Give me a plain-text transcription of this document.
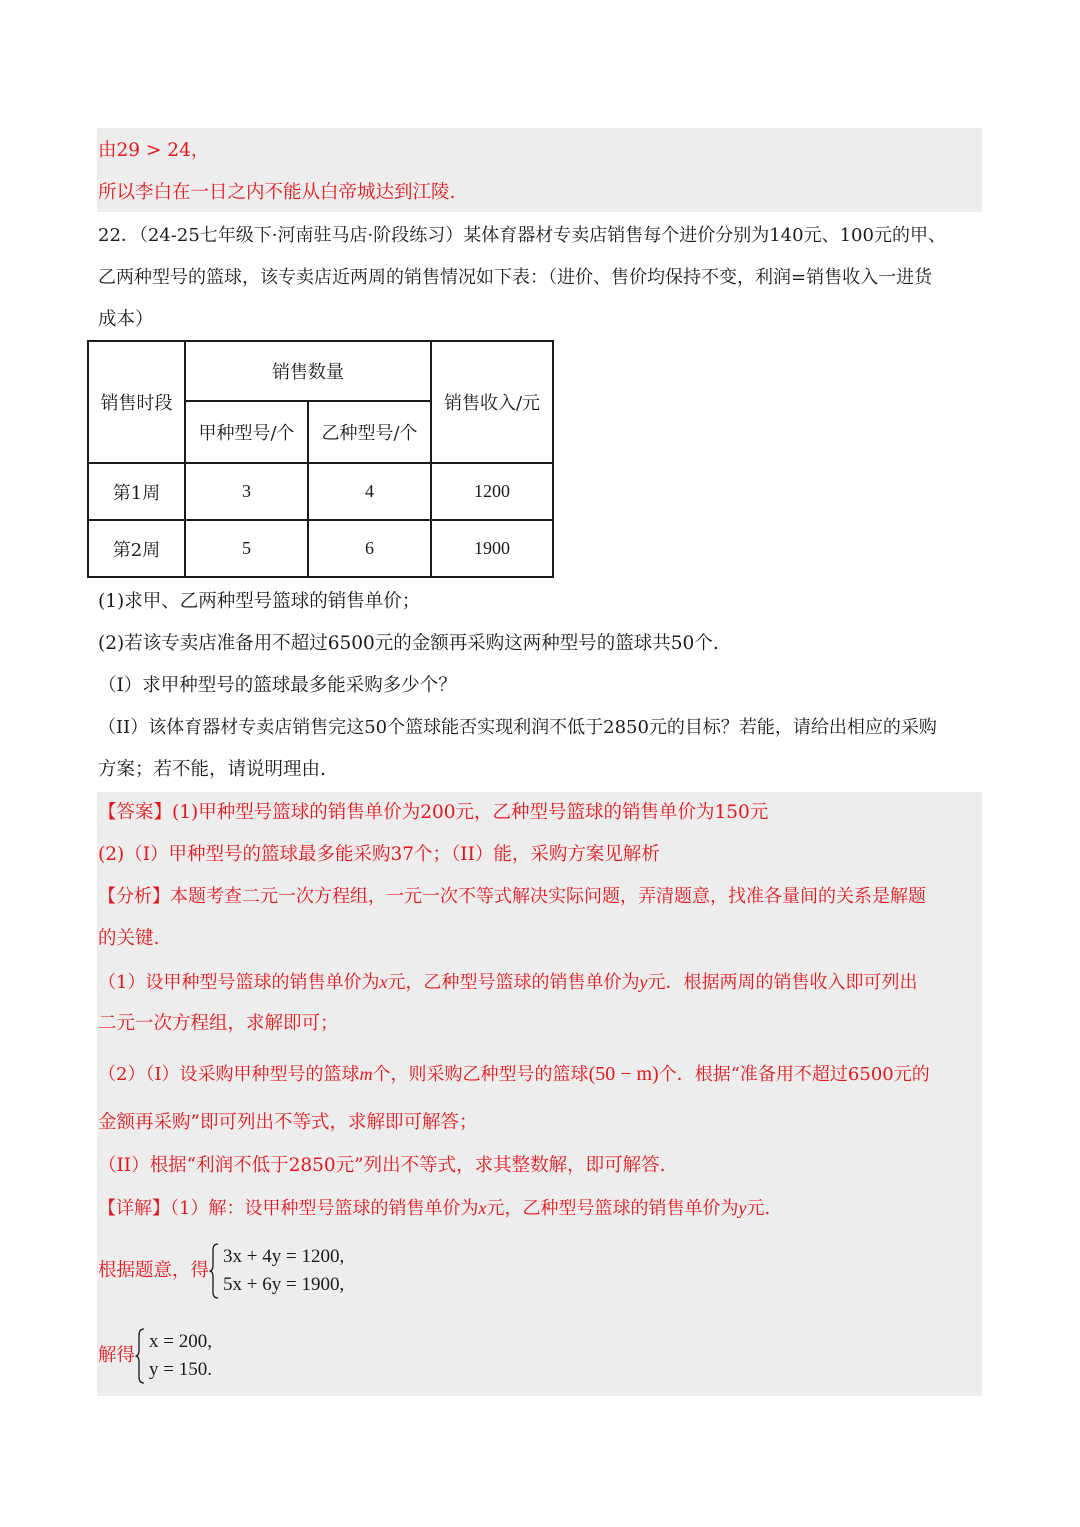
由29 > 24，
所以李白在一日之内不能从白帝城达到江陵.
22．（24-25七年级下·河南驻马店·阶段练习）某体育器材专卖店销售每个进价分别为140元、100元的甲、
乙两种型号的篮球，该专卖店近两周的销售情况如下表：（进价、售价均保持不变，利润=销售收入一进货
成本）
销售时段	销售数量		销售收入/元
	甲种型号/个	乙种型号/个	
第1周	3	4	1200
第2周	5	6	1900
(1)求甲、乙两种型号篮球的销售单价；
(2)若该专卖店准备用不超过6500元的金额再采购这两种型号的篮球共50个.
（I）求甲种型号的篮球最多能采购多少个？
（II）该体育器材专卖店销售完这50个篮球能否实现利润不低于2850元的目标？若能，请给出相应的采购
方案；若不能，请说明理由.
【答案】(1)甲种型号篮球的销售单价为200元，乙种型号篮球的销售单价为150元
(2)（I）甲种型号的篮球最多能采购37个；（II）能，采购方案见解析
【分析】本题考查二元一次方程组，一元一次不等式解决实际问题，弄清题意，找准各量间的关系是解题
的关键.
（1）设甲种型号篮球的销售单价为x元，乙种型号篮球的销售单价为y元．根据两周的销售收入即可列出
二元一次方程组，求解即可；
（2）（I）设采购甲种型号的篮球m个，则采购乙种型号的篮球(50 − m)个．根据“准备用不超过6500元的
金额再采购”即可列出不等式，求解即可解答；
（II）根据“利润不低于2850元”列出不等式，求其整数解，即可解答.
【详解】（1）解：设甲种型号篮球的销售单价为x元，乙种型号篮球的销售单价为y元.
根据题意，得
3x + 4y = 1200,
5x + 6y = 1900,
解得
x = 200,
y = 150.
